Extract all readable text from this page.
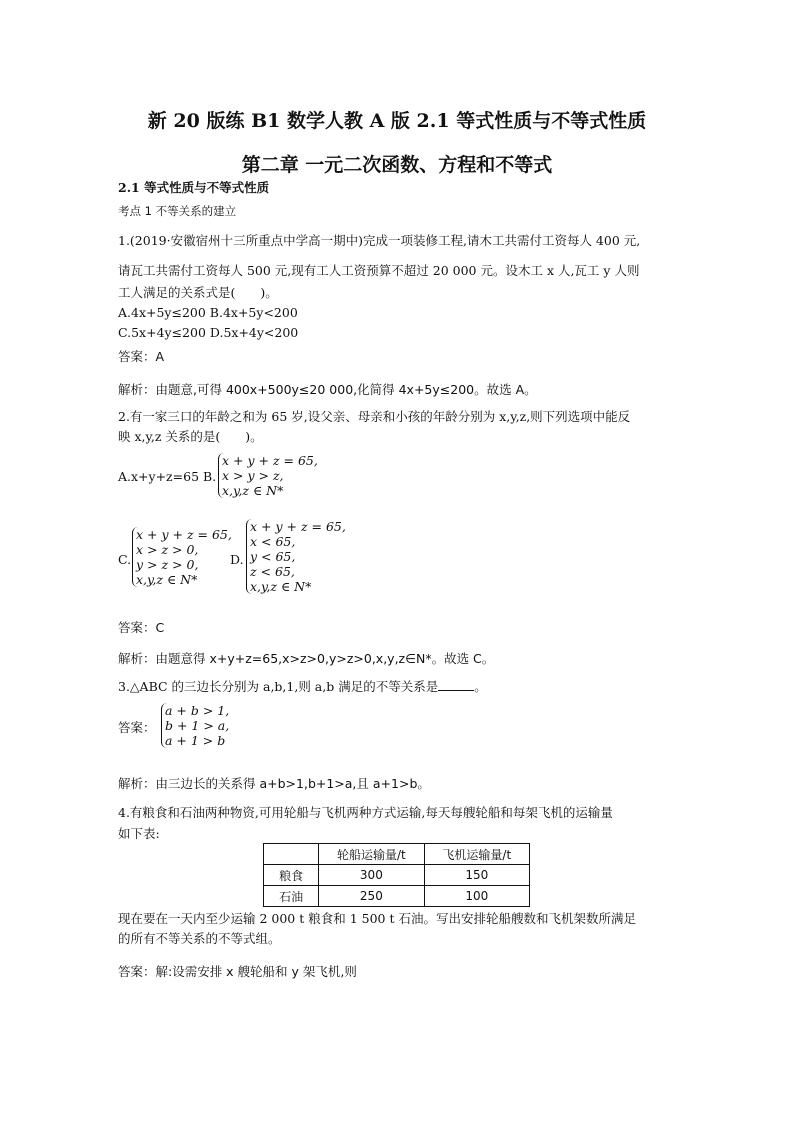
新 20 版练 B1 数学人教 A 版 2.1 等式性质与不等式性质
第二章 一元二次函数、方程和不等式
2.1 等式性质与不等式性质
考点 1 不等关系的建立
1.(2019·安徽宿州十三所重点中学高一期中)完成一项装修工程,请木工共需付工资每人 400 元,
请瓦工共需付工资每人 500 元,现有工人工资预算不超过 20 000 元。设木工 x 人,瓦工 y 人则
工人满足的关系式是(　　)。
A.4x+5y≤200 B.4x+5y<200
C.5x+4y≤200 D.5x+4y<200
答案：A
解析：由题意,可得 400x+500y≤20 000,化简得 4x+5y≤200。故选 A。
2.有一家三口的年龄之和为 65 岁,设父亲、母亲和小孩的年龄分别为 x,y,z,则下列选项中能反
映 x,y,z 关系的是(　　)。
A.x+y+z=65 B.
x + y + z = 65,
x > y > z,
x,y,z ∈ N*
C.
x + y + z = 65,
x > z > 0,
y > z > 0,
x,y,z ∈ N*
D.
x + y + z = 65,
x < 65,
y < 65,
z < 65,
x,y,z ∈ N*
答案：C
解析：由题意得 x+y+z=65,x>z>0,y>z>0,x,y,z∈N*。故选 C。
3.△ABC 的三边长分别为 a,b,1,则 a,b 满足的不等关系是	。
答案：
a + b > 1,
b + 1 > a,
a + 1 > b
解析：由三边长的关系得 a+b>1,b+1>a,且 a+1>b。
4.有粮食和石油两种物资,可用轮船与飞机两种方式运输,每天每艘轮船和每架飞机的运输量
如下表:
	轮船运输量/t	飞机运输量/t
粮食	300	150
石油	250	100
现在要在一天内至少运输 2 000 t 粮食和 1 500 t 石油。写出安排轮船艘数和飞机架数所满足
的所有不等关系的不等式组。
答案：解:设需安排 x 艘轮船和 y 架飞机,则
